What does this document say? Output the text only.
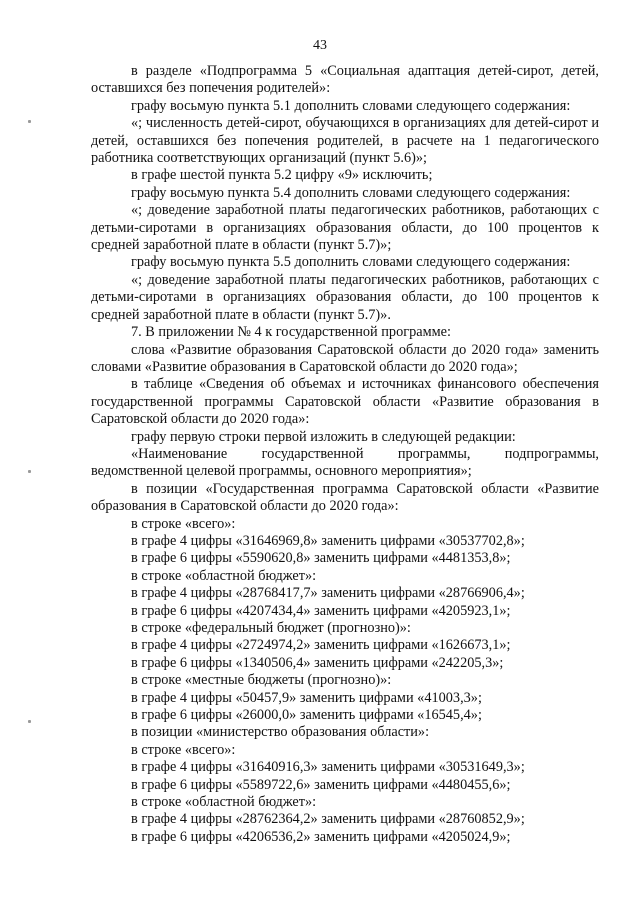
43

в разделе «Подпрограмма 5 «Социальная адаптация детей-сирот, детей, оставшихся без попечения родителей»:

графу восьмую пункта 5.1 дополнить словами следующего содержания:

«; численность детей-сирот, обучающихся в организациях для детей-сирот и детей, оставшихся без попечения родителей, в расчете на 1 педагогического работника соответствующих организаций (пункт 5.6)»;

в графе шестой пункта 5.2 цифру «9» исключить;

графу восьмую пункта 5.4 дополнить словами следующего содержания:

«; доведение заработной платы педагогических работников, работающих с детьми-сиротами в организациях образования области, до 100 процентов к средней заработной плате в области (пункт 5.7)»;

графу восьмую пункта 5.5 дополнить словами следующего содержания:

«; доведение заработной платы педагогических работников, работающих с детьми-сиротами в организациях образования области, до 100 процентов к средней заработной плате в области (пункт 5.7)».

7. В приложении № 4 к государственной программе:

слова «Развитие образования Саратовской области до 2020 года» заменить словами «Развитие образования в Саратовской области до 2020 года»;

в таблице «Сведения об объемах и источниках финансового обеспечения государственной программы Саратовской области «Развитие образования в Саратовской области до 2020 года»:

графу первую строки первой изложить в следующей редакции:

«Наименование государственной программы, подпрограммы, ведомственной целевой программы, основного мероприятия»;

в позиции «Государственная программа Саратовской области «Развитие образования в Саратовской области до 2020 года»:

в строке «всего»:

в графе 4 цифры «31646969,8» заменить цифрами «30537702,8»;

в графе 6 цифры «5590620,8» заменить цифрами «4481353,8»;

в строке «областной бюджет»:

в графе 4 цифры «28768417,7» заменить цифрами «28766906,4»;

в графе 6 цифры «4207434,4» заменить цифрами «4205923,1»;

в строке «федеральный бюджет (прогнозно)»:

в графе 4 цифры «2724974,2» заменить цифрами «1626673,1»;

в графе 6 цифры «1340506,4» заменить цифрами «242205,3»;

в строке «местные бюджеты (прогнозно)»:

в графе 4 цифры «50457,9» заменить цифрами «41003,3»;

в графе 6 цифры «26000,0» заменить цифрами «16545,4»;

в позиции «министерство образования области»:

в строке «всего»:

в графе 4 цифры «31640916,3» заменить цифрами «30531649,3»;

в графе 6 цифры «5589722,6» заменить цифрами «4480455,6»;

в строке «областной бюджет»:

в графе 4 цифры «28762364,2» заменить цифрами «28760852,9»;

в графе 6 цифры «4206536,2» заменить цифрами «4205024,9»;
